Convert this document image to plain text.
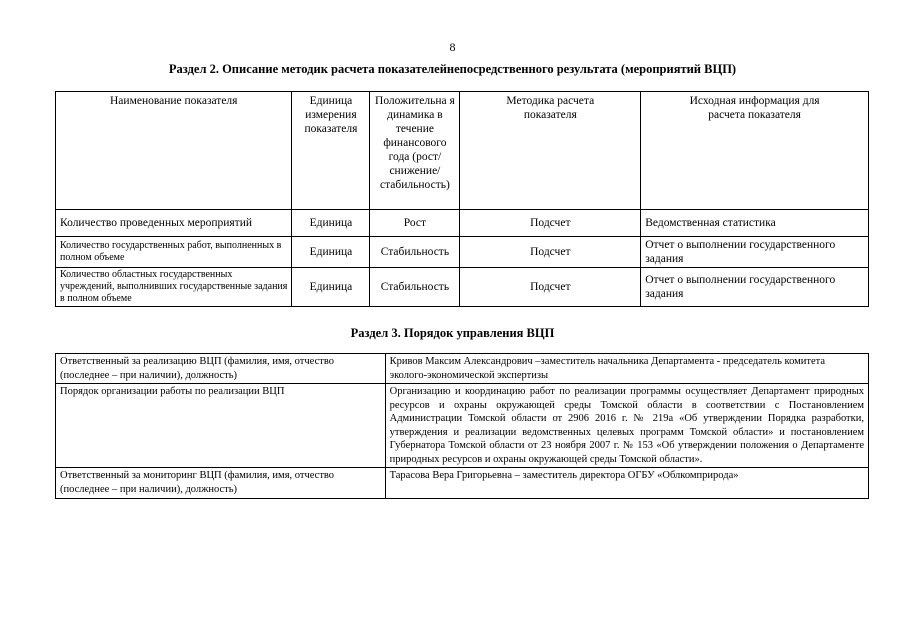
8
Раздел 2. Описание методик расчета показателейнепосредственного результата (мероприятий ВЦП)
Наименование показателя	Единица измерения показателя	Положительна я динамика в течение финансового года (рост/снижение/ стабильность)	Методика расчета показателя	Исходная информация для расчета показателя
Количество проведенных мероприятий	Единица	Рост	Подсчет	Ведомственная статистика
Количество государственных работ, выполненных в полном объеме	Единица	Стабильность	Подсчет	Отчет о выполнении государственного задания
Количество областных государственных учреждений, выполнивших государственные задания в полном объеме	Единица	Стабильность	Подсчет	Отчет о выполнении государственного задания
Раздел 3. Порядок управления ВЦП
Ответственный за реализацию ВЦП (фамилия, имя, отчество (последнее – при наличии), должность)	Кривов Максим Александрович –заместитель начальника Департамента - председатель комитета эколого-экономической экспертизы
Порядок организации работы по реализации ВЦП	Организацию и координацию работ по реализации программы осуществляет Департамент природных ресурсов и охраны окружающей среды Томской области в соответствии с Постановлением Администрации Томской области от 2906 2016 г. № 219а «Об утверждении Порядка разработки, утверждения и реализации ведомственных целевых программ Томской области» и постановлением Губернатора Томской области от 23 ноября 2007 г. № 153 «Об утверждении положения о Департаменте природных ресурсов и охраны окружающей среды Томской области».
Ответственный за мониторинг ВЦП (фамилия, имя, отчество (последнее – при наличии), должность)	Тарасова Вера Григорьевна – заместитель директора ОГБУ «Облкомприрода»
